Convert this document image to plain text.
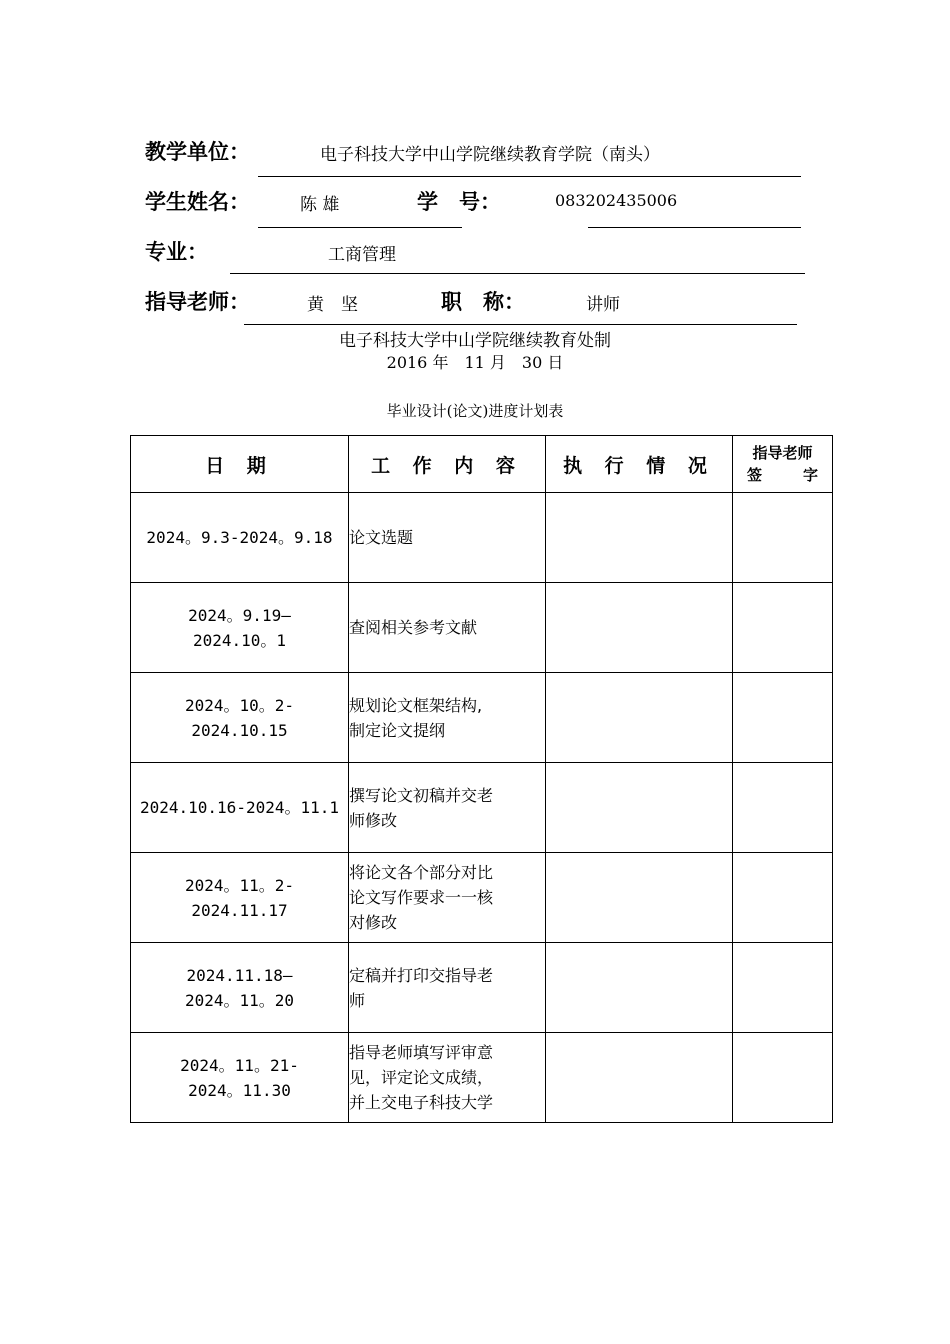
教学单位：	电子科技大学中山学院继续教育学院（南头）
学生姓名：	陈 雄	学　号：	083202435006
专业：	工商管理
指导老师：	黄　坚	职　称：	讲师
电子科技大学中山学院继续教育处制
2016 年　11 月　30 日
毕业设计(论文)进度计划表
日 期	工 作 内 容	执 行 情 况	指导老师
签　字

2024。9.3-2024。9.18	论文选题		
2024。9.19—
2024.10。1	查阅相关参考文献		
2024。10。2-
2024.10.15	规划论文框架结构,
制定论文提纲		
2024.10.16-2024。11.1	撰写论文初稿并交老
师修改		
2024。11。2-
2024.11.17	将论文各个部分对比
论文写作要求一一核
对修改		
2024.11.18—
2024。11。20	定稿并打印交指导老
师		
2024。11。21-
2024。11.30	指导老师填写评审意
见，评定论文成绩，
并上交电子科技大学		
